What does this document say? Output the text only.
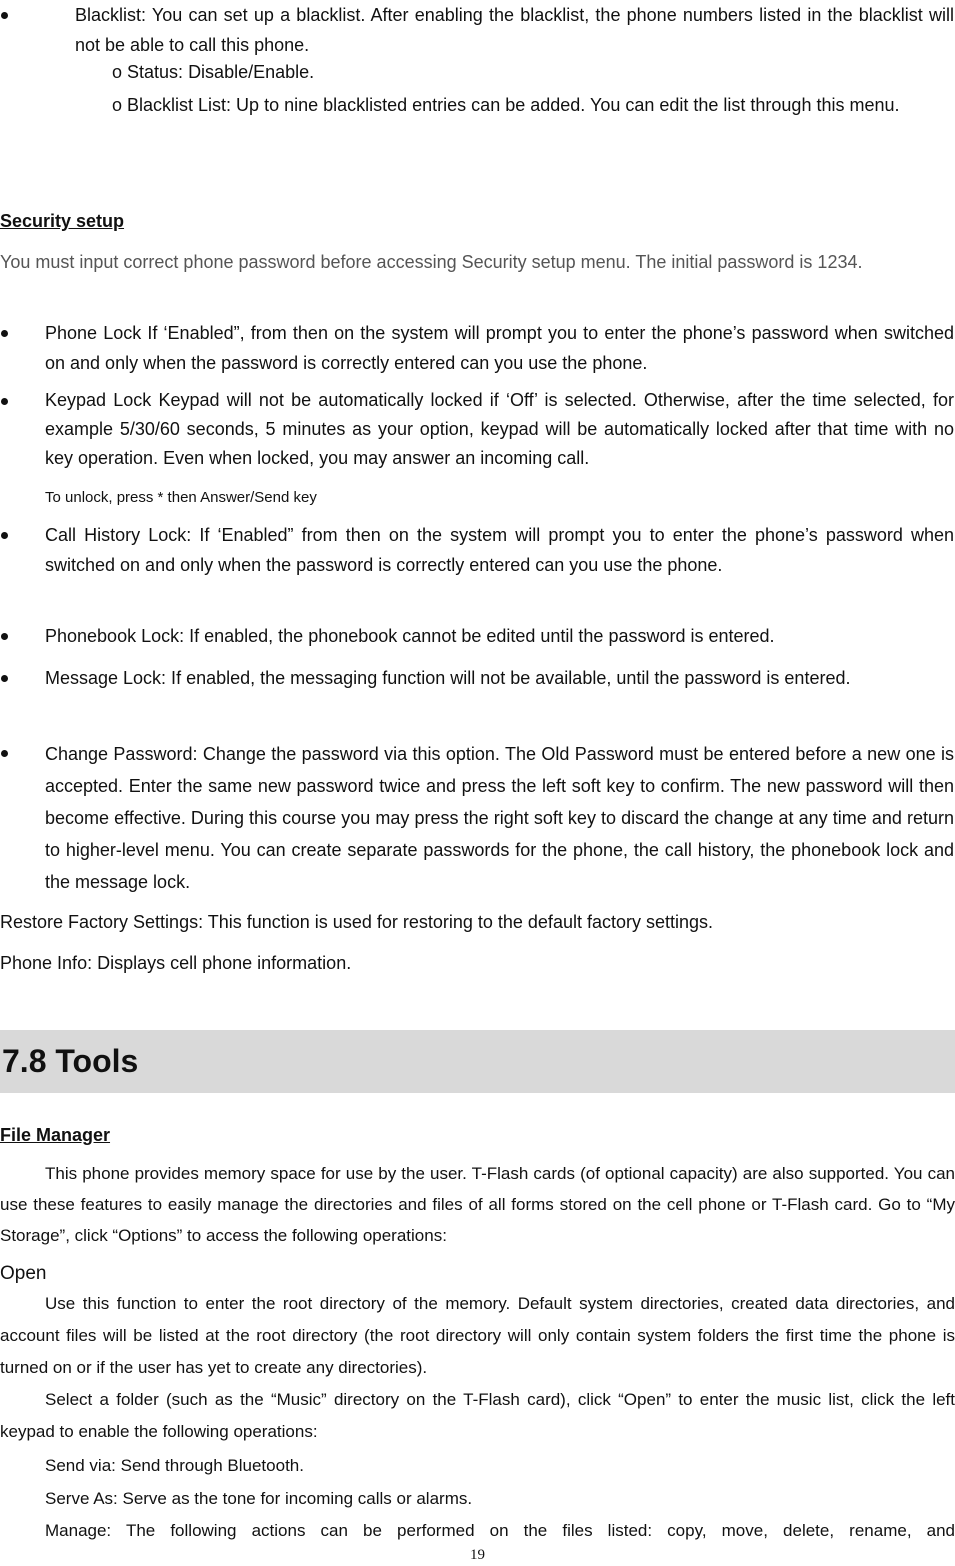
Blacklist: You can set up a blacklist. After enabling the blacklist, the phone numbers listed in the blacklist will not be able to call this phone.

o Status: Disable/Enable.
o Blacklist List: Up to nine blacklisted entries can be added. You can edit the list through this menu.
Security setup

You must input correct phone password before accessing Security setup menu. The initial password is 1234.

Phone Lock If ‘Enabled”, from then on the system will prompt you to enter the phone’s password when switched on and only when the password is correctly entered can you use the phone.

Keypad Lock Keypad will not be automatically locked if ‘Off’ is selected. Otherwise, after the time selected, for example 5/30/60 seconds, 5 minutes as your option, keypad will be automatically locked after that time with no key operation. Even when locked, you may answer an incoming call.

To unlock, press * then Answer/Send key

Call History Lock: If ‘Enabled” from then on the system will prompt you to enter the phone’s password when switched on and only when the password is correctly entered can you use the phone.

Phonebook Lock: If enabled, the phonebook cannot be edited until the password is entered.

Message Lock: If enabled, the messaging function will not be available, until the password is entered.

Change Password: Change the password via this option. The Old Password must be entered before a new one is accepted. Enter the same new password twice and press the left soft key to confirm. The new password will then become effective. During this course you may press the right soft key to discard the change at any time and return to higher-level menu. You can create separate passwords for the phone, the call history, the phonebook lock and the message lock.

Restore Factory Settings: This function is used for restoring to the default factory settings.

Phone Info: Displays cell phone information.

7.8 Tools
File Manager

This phone provides memory space for use by the user. T-Flash cards (of optional capacity) are also supported. You can use these features to easily manage the directories and files of all forms stored on the cell phone or T-Flash card. Go to “My Storage”, click “Options” to access the following operations:

Open

Use this function to enter the root directory of the memory. Default system directories, created data directories, and account files will be listed at the root directory (the root directory will only contain system folders the first time the phone is turned on or if the user has yet to create any directories).

Select a folder (such as the “Music” directory on the T-Flash card), click “Open” to enter the music list, click the left keypad to enable the following operations:

Send via: Send through Bluetooth.

Serve As: Serve as the tone for incoming calls or alarms.

Manage: The following actions can be performed on the files listed: copy, move, delete, rename, and

19
